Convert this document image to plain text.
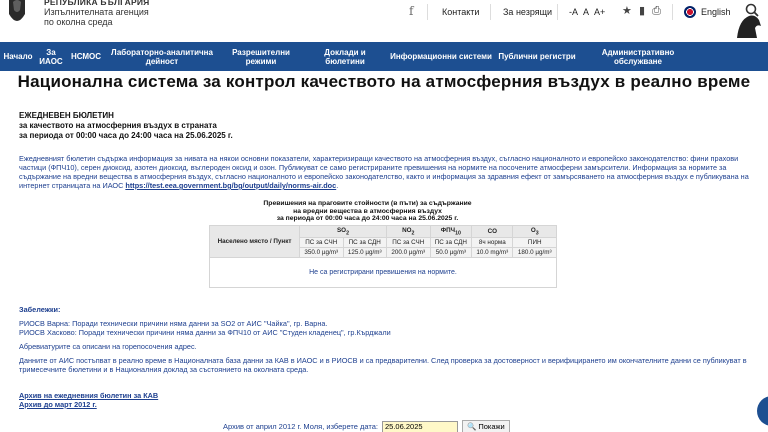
РЕПУБЛИКА БЪЛГАРИЯ
Изпълнителната агенция
по околна среда
f	Контакти	За незрящи -A A A+ ★ ▮ ⎙	English
Начало	За ИАОС	НСМОС	Лабораторно-аналитична дейност
Разрешителни режими
Доклади и бюлетини	Информационни системи Публични регистри	Административно обслужване
Национална система за контрол качеството на атмосферния въздух в реално време
ЕЖЕДНЕВЕН БЮЛЕТИН
за качеството на атмосферния въздух в страната
за периода от 00:00 часа до 24:00 часа на 25.06.2025 г.
Ежедневният бюлетин съдържа информация за нивата на някои основни показатели, характеризиращи качеството на атмосферния въздух, съгласно националното и европейско законодателство: фини прахови частици (ФПЧ10), серен диоксид, азотен диоксид, въглероден оксид и озон. Публикуват се само регистрираните превишения на нормите на посочените атмосферни замърсители. Информация за нормите за съдържание на вредни вещества в атмосферния въздух, съгласно националното и европейско законодателство, както и информация за здравния ефект от замърсяването на атмосферния въздух е публикувана на интернет страницата на ИАОС https://test.eea.government.bg/bg/output/daily/norms-air.doc.
Превишения на праговите стойности (в пъти) за съдържание на вредни вещества в атмосферния въздух
за периода от 00:00 часа до 24:00 часа на 25.06.2025 г.
Населено място / Пункт	$SO_2$		$NO_2$	$ФПЧ_{10}$	CO	$O_3$
	ПС за СЧН	ПС за СДН	ПС за СЧН	ПС за СДН	8ч норма	ПИН
	350.0 µg/m³	125.0 µg/m³	200.0 µg/m³	50.0 µg/m³	10.0 mg/m³	180.0 µg/m³
Не са регистрирани превишения на нормите.						
Забележки:
РИОСВ Варна: Поради технически причини няма данни за SO2 от АИС "Чайка", гр. Варна.

РИОСВ Хасково: Поради технически причини няма данни за ФПЧ10 от АИС "Студен кладенец", гр.Кърджали

Абревиатурите са описани на горепосочения адрес.

Данните от АИС постъпват в реално време в Националната база данни за КАВ в ИАОС и в РИОСВ и са предварителни. След проверка за достоверност и верифицирането им окончателните данни се публикуват в тримесечните бюлетини и в Националния доклад за състоянието на околната среда.

Архив на ежедневния бюлетин за КАВ
Архив до март 2012 г.
Архив от април 2012 г. Моля, изберете дата:
25.06.2025	🔍 Покажи
